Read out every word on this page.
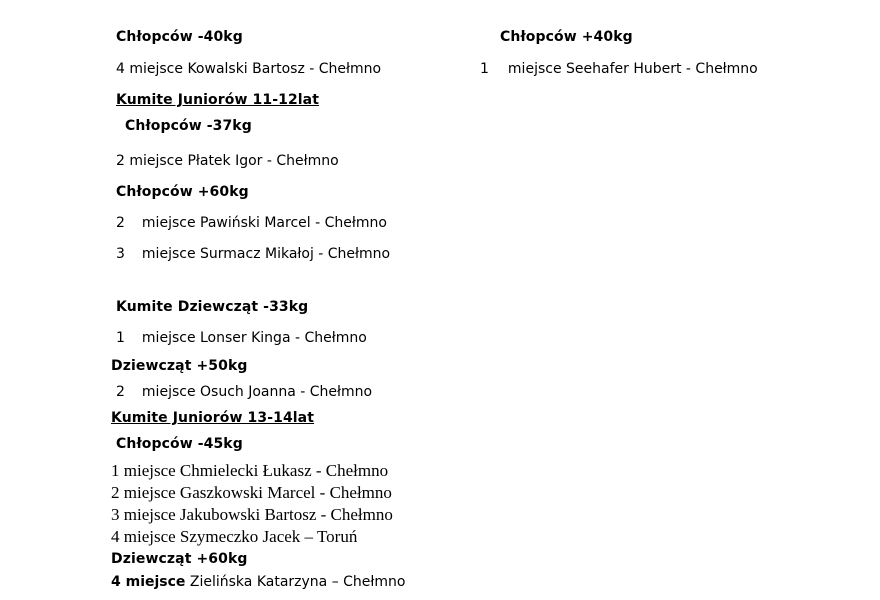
Chłopców -40kg
4 miejsce Kowalski Bartosz - Chełmno
Kumite Juniorów 11-12lat
Chłopców -37kg
2 miejsce Płatek Igor - Chełmno
Chłopców +60kg
2 miejsce Pawiński Marcel - Chełmno
3 miejsce Surmacz Mikałoj - Chełmno
Kumite Dziewcząt -33kg
1 miejsce Lonser Kinga - Chełmno
Dziewcząt +50kg
2 miejsce Osuch Joanna - Chełmno
Kumite Juniorów 13-14lat
Chłopców -45kg
1 miejsce Chmielecki Łukasz - Chełmno
2 miejsce Gaszkowski Marcel - Chełmno
3 miejsce Jakubowski Bartosz - Chełmno
4 miejsce Szymeczko Jacek – Toruń
Dziewcząt +60kg
4 miejsce Zielińska Katarzyna – Chełmno
Chłopców +40kg
1 miejsce Seehafer Hubert - Chełmno
